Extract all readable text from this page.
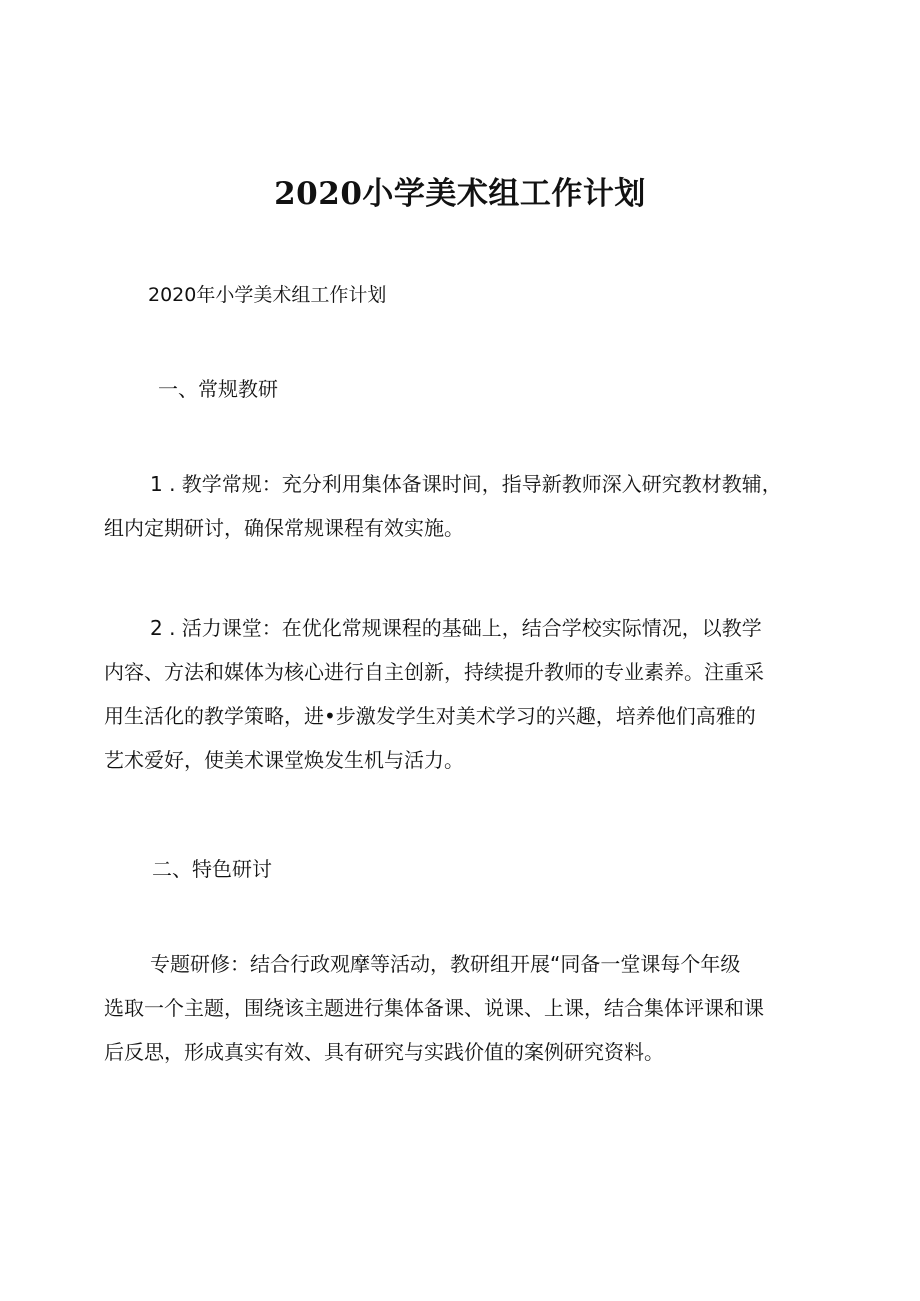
2020小学美术组工作计划

2020年小学美术组工作计划

一、常规教研

1 . 教学常规：充分利用集体备课时间，指导新教师深入研究教材教辅，
组内定期研讨，确保常规课程有效实施。

2 . 活力课堂：在优化常规课程的基础上，结合学校实际情况，以教学
内容、方法和媒体为核心进行自主创新，持续提升教师的专业素养。注重采
用生活化的教学策略，进•步激发学生对美术学习的兴趣，培养他们高雅的
艺术爱好，使美术课堂焕发生机与活力。

二、特色研讨

专题研修：结合行政观摩等活动，教研组开展“同备一堂课每个年级
选取一个主题，围绕该主题进行集体备课、说课、上课，结合集体评课和课
后反思，形成真实有效、具有研究与实践价值的案例研究资料。
